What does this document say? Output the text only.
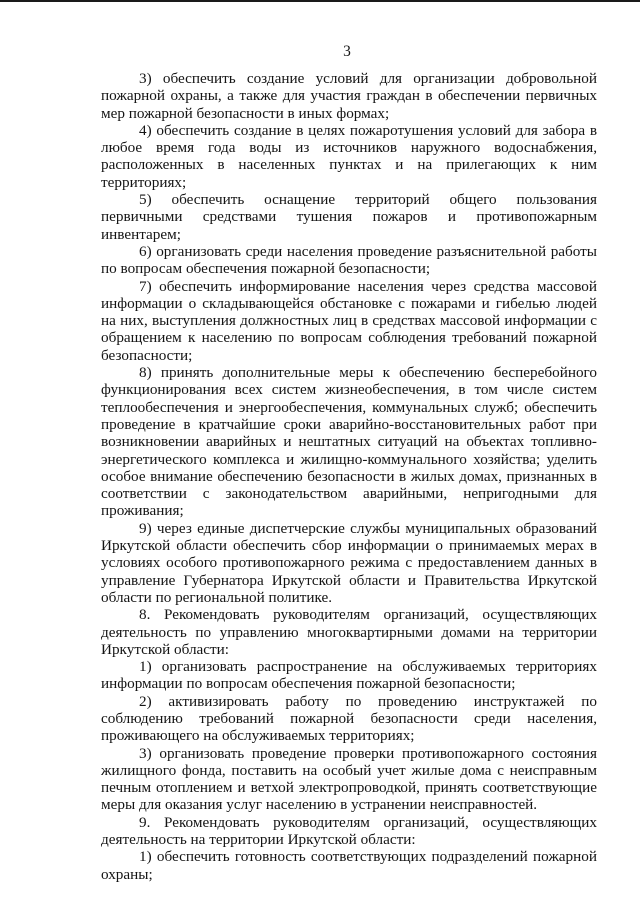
3

3) обеспечить создание условий для организации добровольной пожарной охраны, а также для участия граждан в обеспечении первичных мер пожарной безопасности в иных формах;

4) обеспечить создание в целях пожаротушения условий для забора в любое время года воды из источников наружного водоснабжения, расположенных в населенных пунктах и на прилегающих к ним территориях;

5) обеспечить оснащение территорий общего пользования первичными средствами тушения пожаров и противопожарным инвентарем;

6) организовать среди населения проведение разъяснительной работы по вопросам обеспечения пожарной безопасности;

7) обеспечить информирование населения через средства массовой информации о складывающейся обстановке с пожарами и гибелью людей на них, выступления должностных лиц в средствах массовой информации с обращением к населению по вопросам соблюдения требований пожарной безопасности;

8) принять дополнительные меры к обеспечению бесперебойного функционирования всех систем жизнеобеспечения, в том числе систем теплообеспечения и энергообеспечения, коммунальных служб; обеспечить проведение в кратчайшие сроки аварийно-восстановительных работ при возникновении аварийных и нештатных ситуаций на объектах топливно-энергетического комплекса и жилищно-коммунального хозяйства; уделить особое внимание обеспечению безопасности в жилых домах, признанных в соответствии с законодательством аварийными, непригодными для проживания;

9) через единые диспетчерские службы муниципальных образований Иркутской области обеспечить сбор информации о принимаемых мерах в условиях особого противопожарного режима с предоставлением данных в управление Губернатора Иркутской области и Правительства Иркутской области по региональной политике.

8. Рекомендовать руководителям организаций, осуществляющих деятельность по управлению многоквартирными домами на территории Иркутской области:

1) организовать распространение на обслуживаемых территориях информации по вопросам обеспечения пожарной безопасности;

2) активизировать работу по проведению инструктажей по соблюдению требований пожарной безопасности среди населения, проживающего на обслуживаемых территориях;

3) организовать проведение проверки противопожарного состояния жилищного фонда, поставить на особый учет жилые дома с неисправным печным отоплением и ветхой электропроводкой, принять соответствующие меры для оказания услуг населению в устранении неисправностей.

9. Рекомендовать руководителям организаций, осуществляющих деятельность на территории Иркутской области:

1) обеспечить готовность соответствующих подразделений пожарной охраны;
